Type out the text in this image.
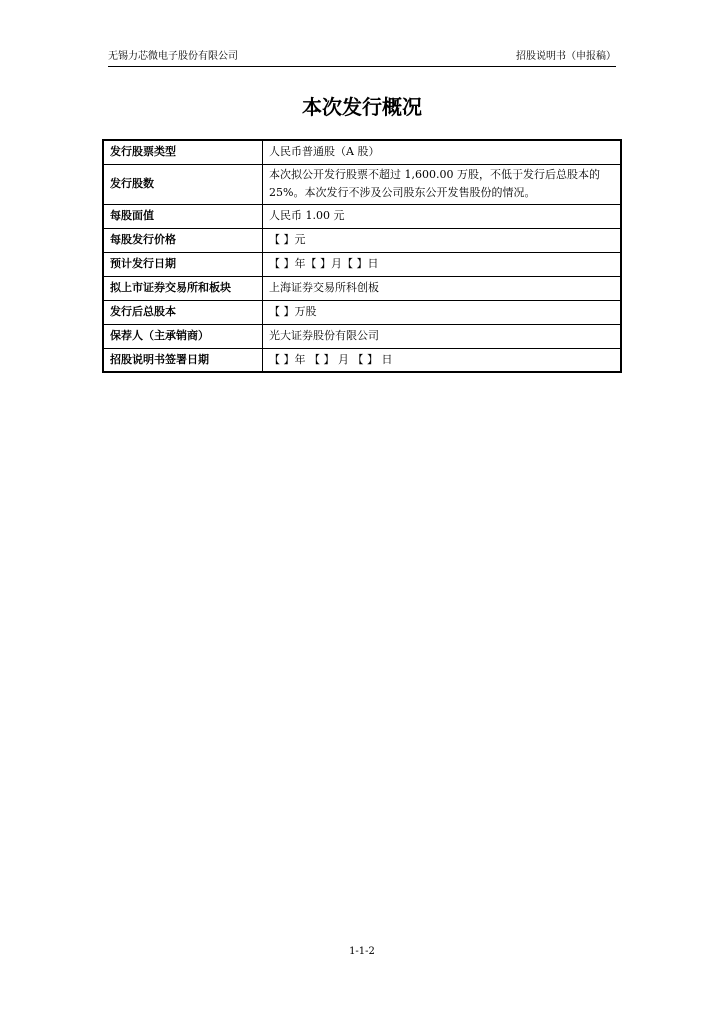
无锡力芯微电子股份有限公司	招股说明书（申报稿）
本次发行概况
发行股票类型	人民币普通股（A 股）
发行股数	本次拟公开发行股票不超过 1,600.00 万股，不低于发行后总股本的 25%。本次发行不涉及公司股东公开发售股份的情况。
每股面值	人民币 1.00 元
每股发行价格	【 】元
预计发行日期	【 】年【 】月【 】日
拟上市证券交易所和板块	上海证券交易所科创板
发行后总股本	【 】万股
保荐人（主承销商）	光大证券股份有限公司
招股说明书签署日期	【 】年 【 】 月 【 】 日
1-1-2
